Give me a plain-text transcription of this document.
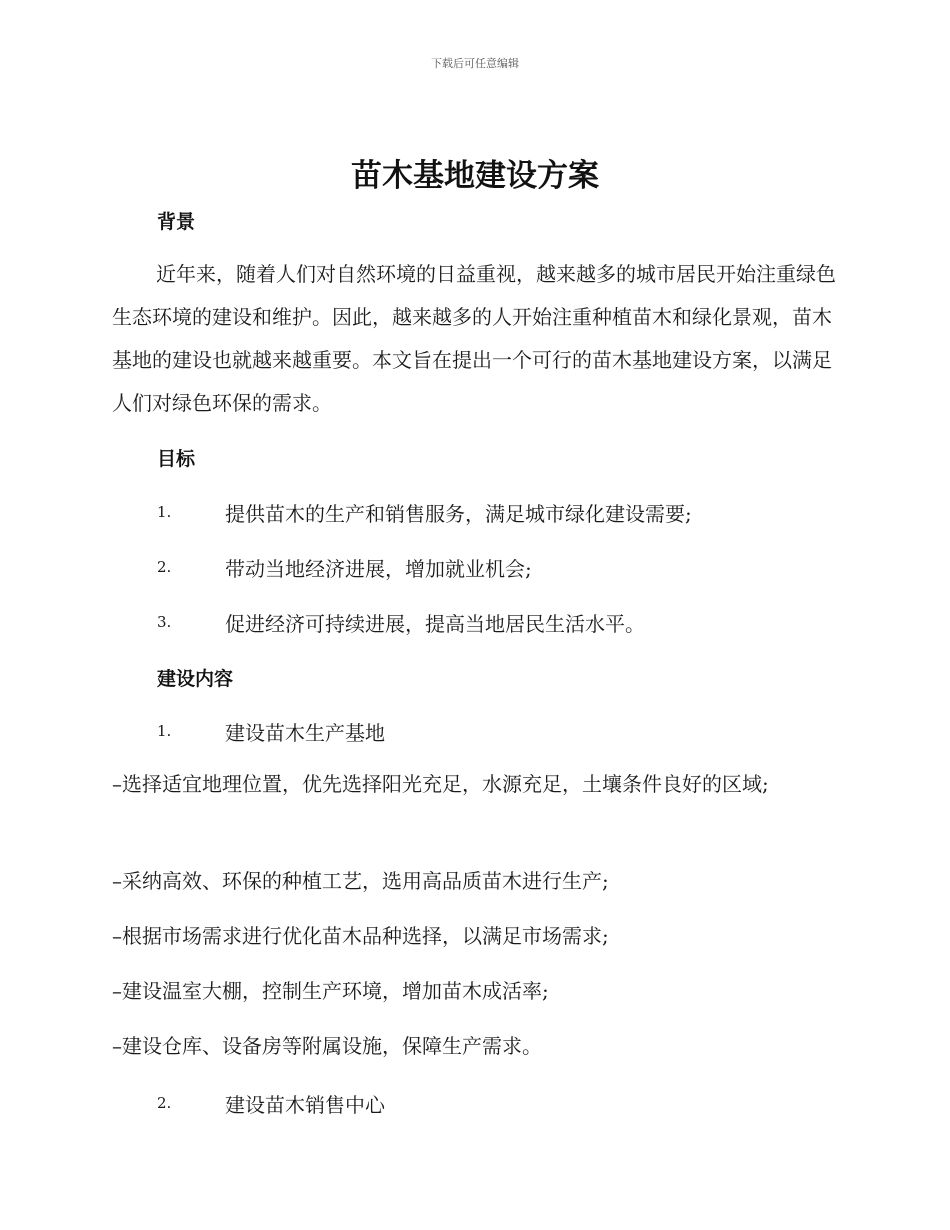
下载后可任意编辑
苗木基地建设方案
背景
近年来，随着人们对自然环境的日益重视，越来越多的城市居民开始注重绿色生态环境的建设和维护。因此，越来越多的人开始注重种植苗木和绿化景观，苗木基地的建设也就越来越重要。本文旨在提出一个可行的苗木基地建设方案，以满足人们对绿色环保的需求。
目标
1.	提供苗木的生产和销售服务，满足城市绿化建设需要;
2.	带动当地经济进展，增加就业机会;
3.	促进经济可持续进展，提高当地居民生活水平。
建设内容
1.	建设苗木生产基地
–选择适宜地理位置，优先选择阳光充足，水源充足，土壤条件良好的区域;
–采纳高效、环保的种植工艺，选用高品质苗木进行生产;
–根据市场需求进行优化苗木品种选择，以满足市场需求;
–建设温室大棚，控制生产环境，增加苗木成活率;
–建设仓库、设备房等附属设施，保障生产需求。
2.	建设苗木销售中心
